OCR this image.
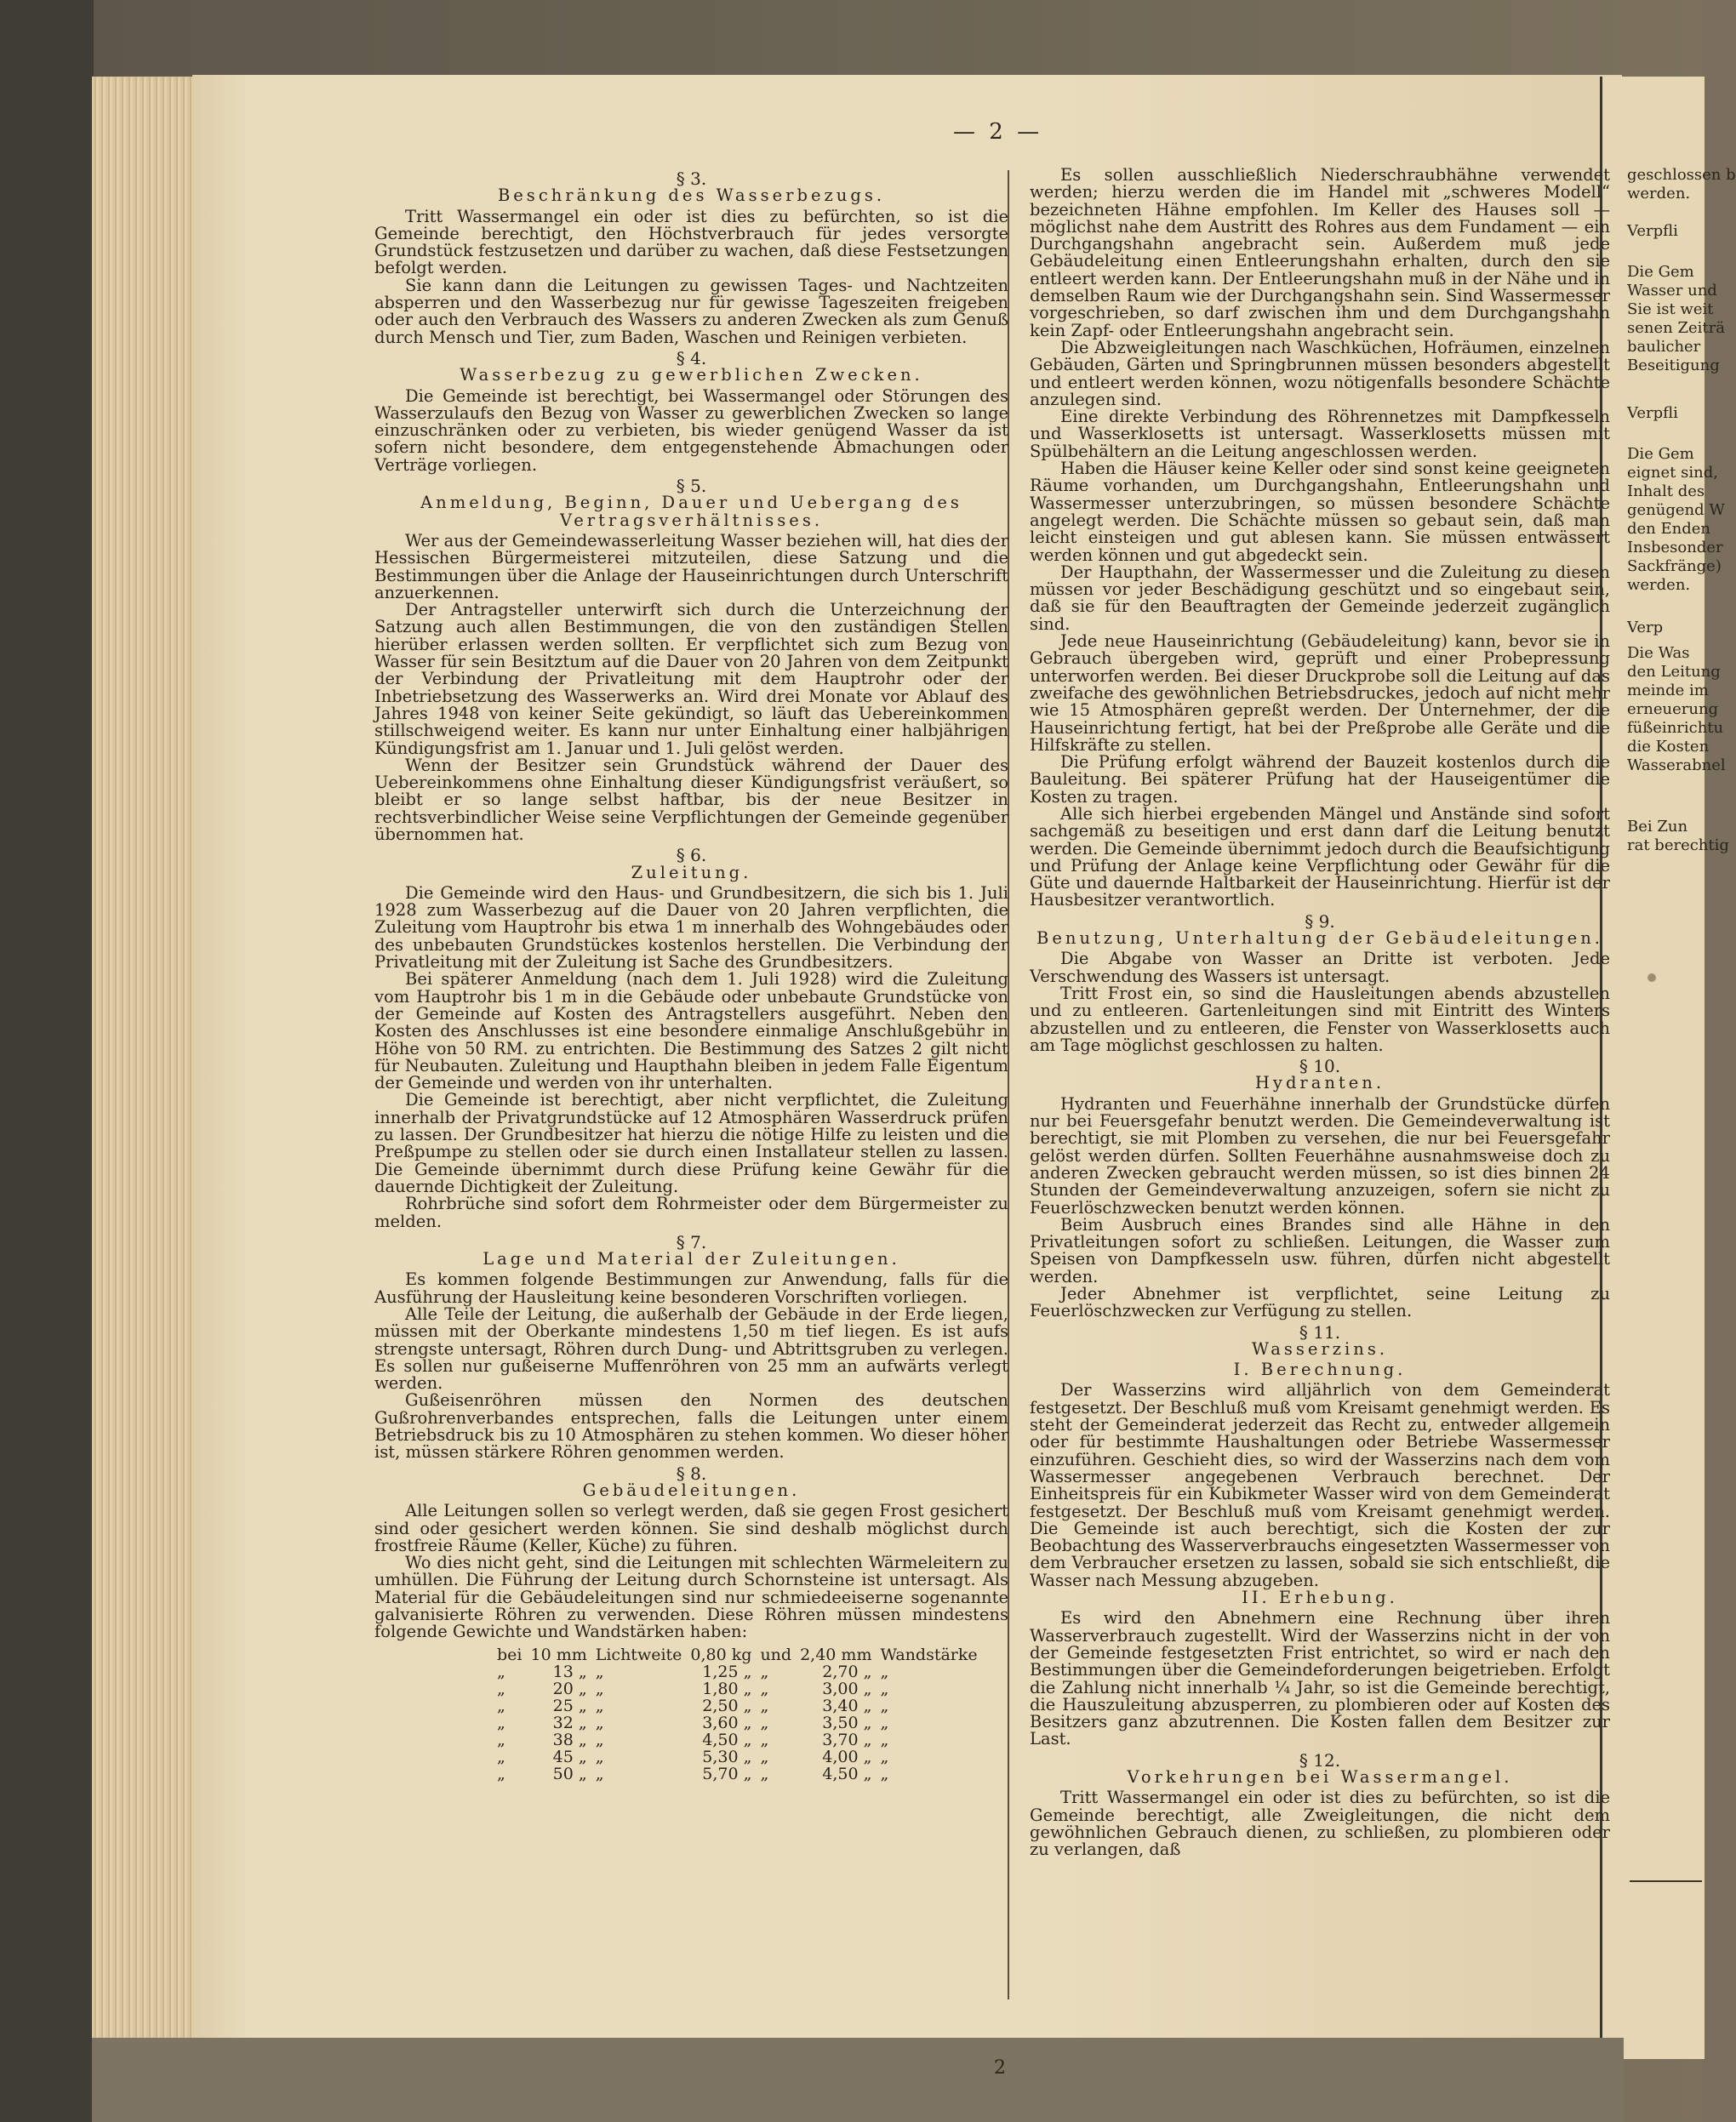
— 2 —

§ 3.

Beschränkung des Wasserbezugs.

Tritt Wassermangel ein oder ist dies zu befürchten, so ist die Gemeinde berechtigt, den Höchstverbrauch für jedes versorgte Grundstück festzusetzen und darüber zu wachen, daß diese Festsetzungen befolgt werden.

Sie kann dann die Leitungen zu gewissen Tages- und Nachtzeiten absperren und den Wasserbezug nur für gewisse Tageszeiten freigeben oder auch den Verbrauch des Wassers zu anderen Zwecken als zum Genuß durch Mensch und Tier, zum Baden, Waschen und Reinigen verbieten.

§ 4.

Wasserbezug zu gewerblichen Zwecken.

Die Gemeinde ist berechtigt, bei Wassermangel oder Störungen des Wasserzulaufs den Bezug von Wasser zu gewerblichen Zwecken so lange einzuschränken oder zu verbieten, bis wieder genügend Wasser da ist sofern nicht besondere, dem entgegenstehende Abmachungen oder Verträge vorliegen.

§ 5.

Anmeldung, Beginn, Dauer und Uebergang des Vertragsverhältnisses.

Wer aus der Gemeindewasserleitung Wasser beziehen will, hat dies der Hessischen Bürgermeisterei mitzuteilen, diese Satzung und die Bestimmungen über die Anlage der Hauseinrichtungen durch Unterschrift anzuerkennen.

Der Antragsteller unterwirft sich durch die Unterzeichnung der Satzung auch allen Bestimmungen, die von den zuständigen Stellen hierüber erlassen werden sollten. Er verpflichtet sich zum Bezug von Wasser für sein Besitztum auf die Dauer von 20 Jahren von dem Zeitpunkt der Verbindung der Privatleitung mit dem Hauptrohr oder der Inbetriebsetzung des Wasserwerks an. Wird drei Monate vor Ablauf des Jahres 1948 von keiner Seite gekündigt, so läuft das Uebereinkommen stillschweigend weiter. Es kann nur unter Einhaltung einer halbjährigen Kündigungsfrist am 1. Januar und 1. Juli gelöst werden.

Wenn der Besitzer sein Grundstück während der Dauer des Uebereinkommens ohne Einhaltung dieser Kündigungsfrist veräußert, so bleibt er so lange selbst haftbar, bis der neue Besitzer in rechtsverbindlicher Weise seine Verpflichtungen der Gemeinde gegenüber übernommen hat.

§ 6.

Zuleitung.

Die Gemeinde wird den Haus- und Grundbesitzern, die sich bis 1. Juli 1928 zum Wasserbezug auf die Dauer von 20 Jahren verpflichten, die Zuleitung vom Hauptrohr bis etwa 1 m innerhalb des Wohngebäudes oder des unbebauten Grundstückes kostenlos herstellen. Die Verbindung der Privatleitung mit der Zuleitung ist Sache des Grundbesitzers.

Bei späterer Anmeldung (nach dem 1. Juli 1928) wird die Zuleitung vom Hauptrohr bis 1 m in die Gebäude oder unbebaute Grundstücke von der Gemeinde auf Kosten des Antragstellers ausgeführt. Neben den Kosten des Anschlusses ist eine besondere einmalige Anschlußgebühr in Höhe von 50 RM. zu entrichten. Die Bestimmung des Satzes 2 gilt nicht für Neubauten. Zuleitung und Haupthahn bleiben in jedem Falle Eigentum der Gemeinde und werden von ihr unterhalten.

Die Gemeinde ist berechtigt, aber nicht verpflichtet, die Zuleitung innerhalb der Privatgrundstücke auf 12 Atmosphären Wasserdruck prüfen zu lassen. Der Grundbesitzer hat hierzu die nötige Hilfe zu leisten und die Preßpumpe zu stellen oder sie durch einen Installateur stellen zu lassen. Die Gemeinde übernimmt durch diese Prüfung keine Gewähr für die dauernde Dichtigkeit der Zuleitung.

Rohrbrüche sind sofort dem Rohrmeister oder dem Bürgermeister zu melden.

§ 7.

Lage und Material der Zuleitungen.

Es kommen folgende Bestimmungen zur Anwendung, falls für die Ausführung der Hausleitung keine besonderen Vorschriften vorliegen.

Alle Teile der Leitung, die außerhalb der Gebäude in der Erde liegen, müssen mit der Oberkante mindestens 1,50 m tief liegen. Es ist aufs strengste untersagt, Röhren durch Dung- und Abtrittsgruben zu verlegen. Es sollen nur gußeiserne Muffenröhren von 25 mm an aufwärts verlegt werden.

Gußeisenröhren müssen den Normen des deutschen Gußrohrenverbandes entsprechen, falls die Leitungen unter einem Betriebsdruck bis zu 10 Atmosphären zu stehen kommen. Wo dieser höher ist, müssen stärkere Röhren genommen werden.

§ 8.

Gebäudeleitungen.

Alle Leitungen sollen so verlegt werden, daß sie gegen Frost gesichert sind oder gesichert werden können. Sie sind deshalb möglichst durch frostfreie Räume (Keller, Küche) zu führen.

Wo dies nicht geht, sind die Leitungen mit schlechten Wärmeleitern zu umhüllen. Die Führung der Leitung durch Schornsteine ist untersagt. Als Material für die Gebäudeleitungen sind nur schmiedeeiserne sogenannte galvanisierte Röhren zu verwenden. Diese Röhren müssen mindestens folgende Gewichte und Wandstärken haben:

bei	10 mm	Lichtweite	0,80 kg	und	2,40 mm	Wandstärke
„	13 „	„	1,25 „	„	2,70 „	„
„	20 „	„	1,80 „	„	3,00 „	„
„	25 „	„	2,50 „	„	3,40 „	„
„	32 „	„	3,60 „	„	3,50 „	„
„	38 „	„	4,50 „	„	3,70 „	„
„	45 „	„	5,30 „	„	4,00 „	„
„	50 „	„	5,70 „	„	4,50 „	„

Es sollen ausschließlich Niederschraubhähne verwendet werden; hierzu werden die im Handel mit „schweres Modell“ bezeichneten Hähne empfohlen. Im Keller des Hauses soll — möglichst nahe dem Austritt des Rohres aus dem Fundament — ein Durchgangshahn angebracht sein. Außerdem muß jede Gebäudeleitung einen Entleerungshahn erhalten, durch den sie entleert werden kann. Der Entleerungshahn muß in der Nähe und in demselben Raum wie der Durchgangshahn sein. Sind Wassermesser vorgeschrieben, so darf zwischen ihm und dem Durchgangshahn kein Zapf- oder Entleerungshahn angebracht sein.

Die Abzweigleitungen nach Waschküchen, Hofräumen, einzelnen Gebäuden, Gärten und Springbrunnen müssen besonders abgestellt und entleert werden können, wozu nötigenfalls besondere Schächte anzulegen sind.

Eine direkte Verbindung des Röhrennetzes mit Dampfkesseln und Wasserklosetts ist untersagt. Wasserklosetts müssen mit Spülbehältern an die Leitung angeschlossen werden.

Haben die Häuser keine Keller oder sind sonst keine geeigneten Räume vorhanden, um Durchgangshahn, Entleerungshahn und Wassermesser unterzubringen, so müssen besondere Schächte angelegt werden. Die Schächte müssen so gebaut sein, daß man leicht einsteigen und gut ablesen kann. Sie müssen entwässert werden können und gut abgedeckt sein.

Der Haupthahn, der Wassermesser und die Zuleitung zu diesen müssen vor jeder Beschädigung geschützt und so eingebaut sein, daß sie für den Beauftragten der Gemeinde jederzeit zugänglich sind.

Jede neue Hauseinrichtung (Gebäudeleitung) kann, bevor sie in Gebrauch übergeben wird, geprüft und einer Probepressung unterworfen werden. Bei dieser Druckprobe soll die Leitung auf das zweifache des gewöhnlichen Betriebsdruckes, jedoch auf nicht mehr wie 15 Atmosphären gepreßt werden. Der Unternehmer, der die Hauseinrichtung fertigt, hat bei der Preßprobe alle Geräte und die Hilfskräfte zu stellen.

Die Prüfung erfolgt während der Bauzeit kostenlos durch die Bauleitung. Bei späterer Prüfung hat der Hauseigentümer die Kosten zu tragen.

Alle sich hierbei ergebenden Mängel und Anstände sind sofort sachgemäß zu beseitigen und erst dann darf die Leitung benutzt werden. Die Gemeinde übernimmt jedoch durch die Beaufsichtigung und Prüfung der Anlage keine Verpflichtung oder Gewähr für die Güte und dauernde Haltbarkeit der Hauseinrichtung. Hierfür ist der Hausbesitzer verantwortlich.

§ 9.

Benutzung, Unterhaltung der Gebäudeleitungen.

Die Abgabe von Wasser an Dritte ist verboten. Jede Verschwendung des Wassers ist untersagt.

Tritt Frost ein, so sind die Hausleitungen abends abzustellen und zu entleeren. Gartenleitungen sind mit Eintritt des Winters abzustellen und zu entleeren, die Fenster von Wasserklosetts auch am Tage möglichst geschlossen zu halten.

§ 10.

Hydranten.

Hydranten und Feuerhähne innerhalb der Grundstücke dürfen nur bei Feuersgefahr benutzt werden. Die Gemeindeverwaltung ist berechtigt, sie mit Plomben zu versehen, die nur bei Feuersgefahr gelöst werden dürfen. Sollten Feuerhähne ausnahmsweise doch zu anderen Zwecken gebraucht werden müssen, so ist dies binnen 24 Stunden der Gemeindeverwaltung anzuzeigen, sofern sie nicht zu Feuerlöschzwecken benutzt werden können.

Beim Ausbruch eines Brandes sind alle Hähne in den Privatleitungen sofort zu schließen. Leitungen, die Wasser zum Speisen von Dampfkesseln usw. führen, dürfen nicht abgestellt werden.

Jeder Abnehmer ist verpflichtet, seine Leitung zu Feuerlöschzwecken zur Verfügung zu stellen.

§ 11.

Wasserzins.

I. Berechnung.

Der Wasserzins wird alljährlich von dem Gemeinderat festgesetzt. Der Beschluß muß vom Kreisamt genehmigt werden. Es steht der Gemeinderat jederzeit das Recht zu, entweder allgemein oder für bestimmte Haushaltungen oder Betriebe Wassermesser einzuführen. Geschieht dies, so wird der Wasserzins nach dem vom Wassermesser angegebenen Verbrauch berechnet. Der Einheitspreis für ein Kubikmeter Wasser wird von dem Gemeinderat festgesetzt. Der Beschluß muß vom Kreisamt genehmigt werden. Die Gemeinde ist auch berechtigt, sich die Kosten der zur Beobachtung des Wasserverbrauchs eingesetzten Wassermesser von dem Verbraucher ersetzen zu lassen, sobald sie sich entschließt, die Wasser nach Messung abzugeben.

II. Erhebung.

Es wird den Abnehmern eine Rechnung über ihren Wasserverbrauch zugestellt. Wird der Wasserzins nicht in der von der Gemeinde festgesetzten Frist entrichtet, so wird er nach den Bestimmungen über die Gemeindeforderungen beigetrieben. Erfolgt die Zahlung nicht innerhalb ¼ Jahr, so ist die Gemeinde berechtigt, die Hauszuleitung abzusperren, zu plombieren oder auf Kosten des Besitzers ganz abzutrennen. Die Kosten fallen dem Besitzer zur Last.

§ 12.

Vorkehrungen bei Wassermangel.

Tritt Wassermangel ein oder ist dies zu befürchten, so ist die Gemeinde berechtigt, alle Zweigleitungen, die nicht dem gewöhnlichen Gebrauch dienen, zu schließen, zu plombieren oder zu verlangen, daß

geschlossen b
werden.
Verpfli
Die Gem
Wasser und
Sie ist weit
senen Zeiträ
baulicher
Beseitigung
Verpfli
Die Gem
eignet sind,
Inhalt des
genügend W
den Enden
Insbesonder
Sackfränge)
werden.
Verp
Die Was
den Leitung
meinde im
erneuerung
füßeinrichtu
die Kosten
Wasserabnel
Bei Zun
rat berechtig
2
